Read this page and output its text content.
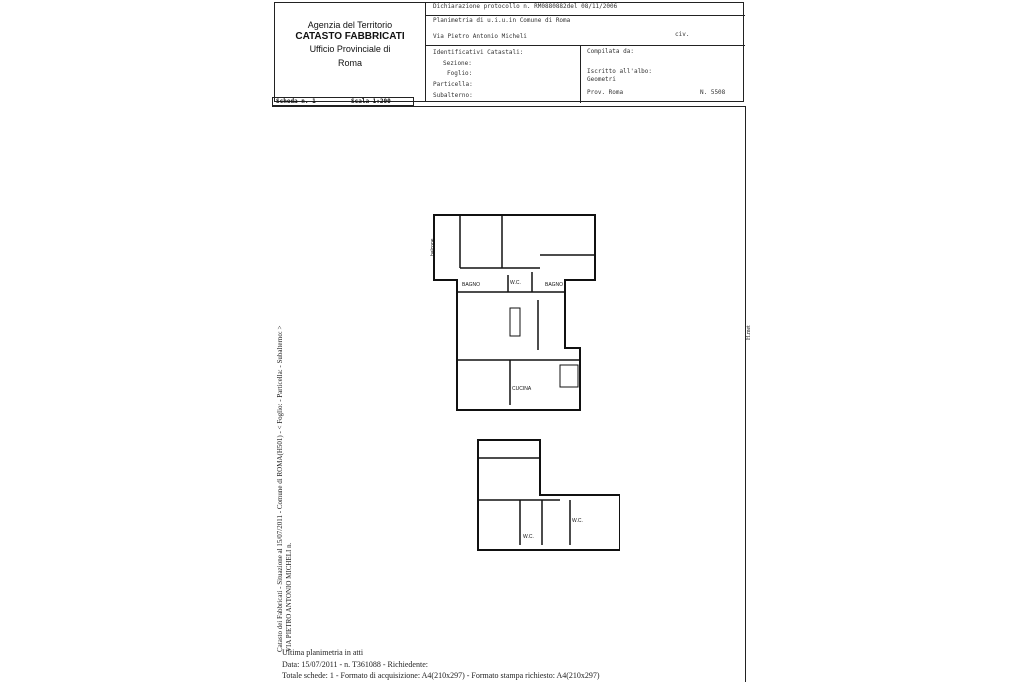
Agenzia del Territorio
CATASTO FABBRICATI
Ufficio Provinciale di
Roma
Dichiarazione protocollo n. RM0880882del 08/11/2006
Planimetria di u.i.u.in Comune di Roma
Via Pietro Antonio Micheli	civ.
Identificativi Catastali:
Sezione:
Foglio:
Particella:
Subalterno:
Compilata da:
Iscritto all'albo:
Geometri
Prov. Roma	N. 5508
Scheda n. 1	Scala 1:200
Catasto dei Fabbricati - Situazione al 15/07/2011 - Comune di ROMA(H501) - < Foglio: - Particella: - Subalterno: > VIA PIETRO ANTONIO MICHELI n.
H.met
balcone
BAGNO	W.C.	BAGNO
CUCINA
W.C.
W.C.
Ultima planimetria in atti
Data: 15/07/2011 - n. T361088 - Richiedente:
Totale schede: 1 - Formato di acquisizione: A4(210x297) - Formato stampa richiesto: A4(210x297)
